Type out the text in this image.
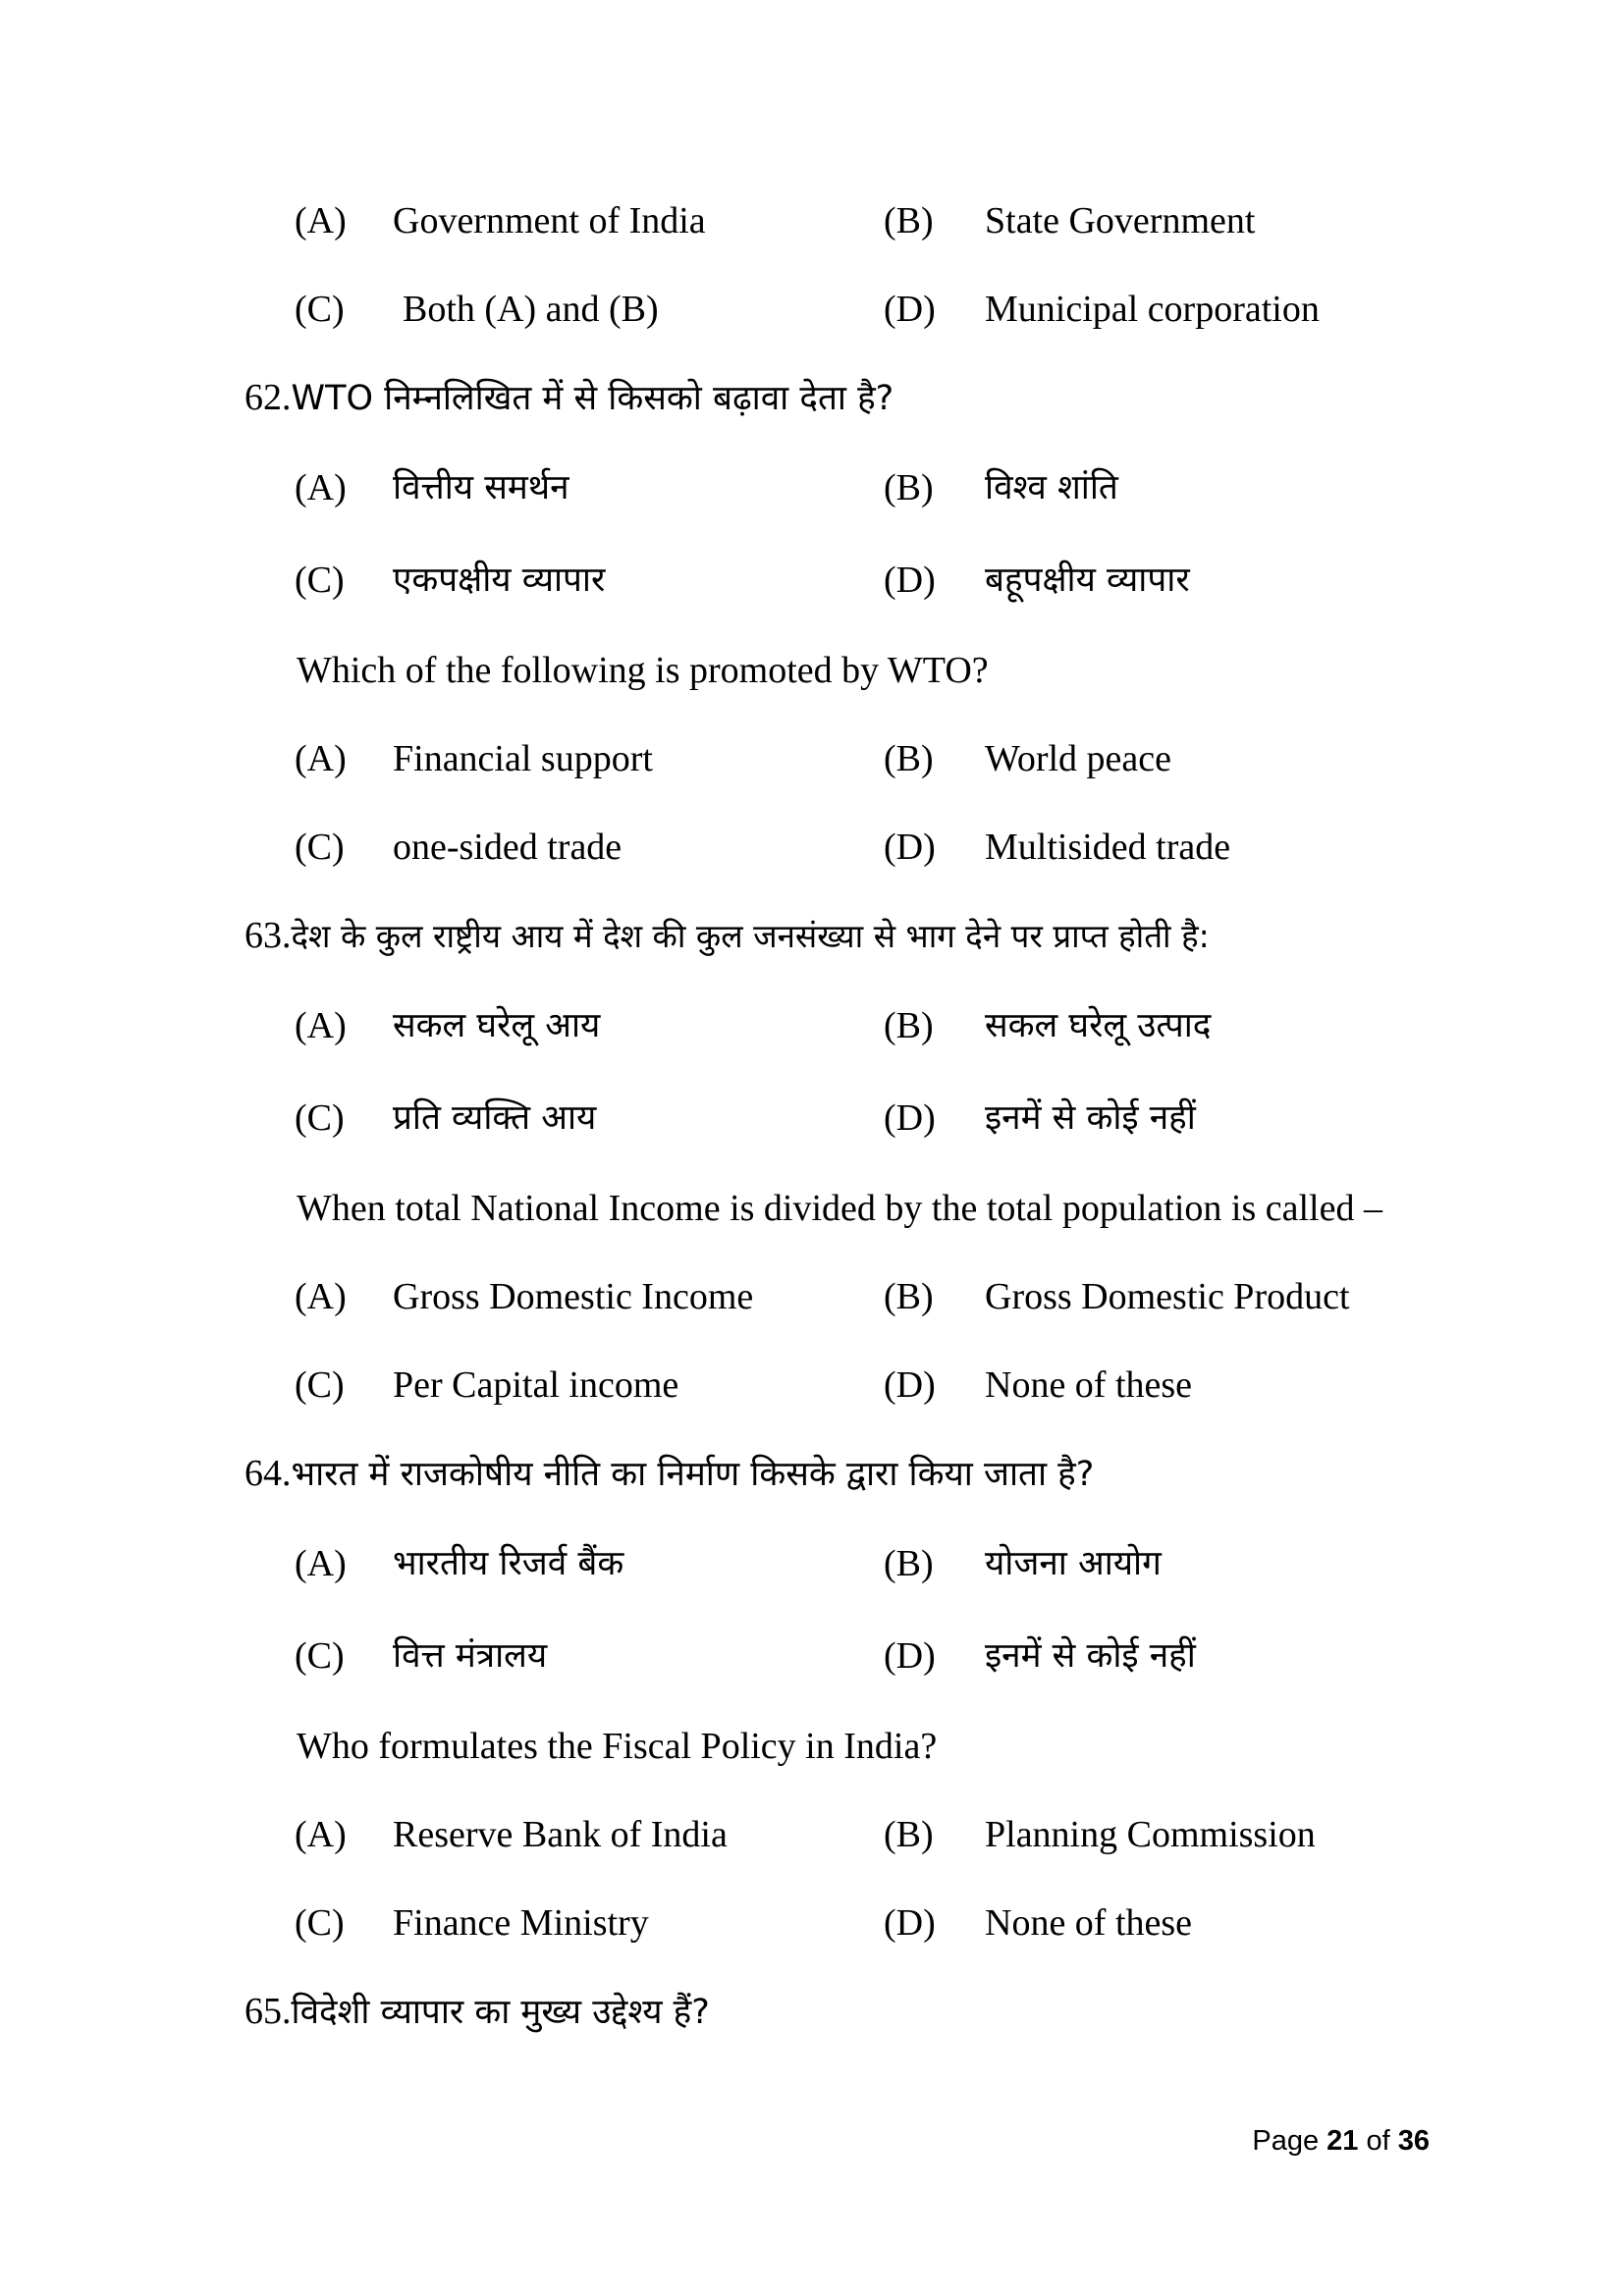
(A) Government of India	(B) State Government
(C) Both (A) and (B)	(D) Municipal corporation
62.WTO निम्नलिखित में से किसको बढ़ावा देता है?
(A) वित्तीय समर्थन	(B) विश्व शांति
(C) एकपक्षीय व्यापार	(D) बहूपक्षीय व्यापार
Which of the following is promoted by WTO?
(A) Financial support	(B) World peace
(C) one-sided trade	(D) Multisided trade
63.देश के कुल राष्ट्रीय आय में देश की कुल जनसंख्या से भाग देने पर प्राप्त होती है:
(A) सकल घरेलू आय	(B) सकल घरेलू उत्पाद
(C) प्रति व्यक्ति आय	(D) इनमें से कोई नहीं
When total National Income is divided by the total population is called –
(A) Gross Domestic Income	(B) Gross Domestic Product
(C) Per Capital income	(D) None of these
64.भारत में राजकोषीय नीति का निर्माण किसके द्वारा किया जाता है?
(A) भारतीय रिजर्व बैंक	(B) योजना आयोग
(C) वित्त मंत्रालय	(D) इनमें से कोई नहीं
Who formulates the Fiscal Policy in India?
(A) Reserve Bank of India	(B) Planning Commission
(C) Finance Ministry	(D) None of these
65.विदेशी व्यापार का मुख्य उद्देश्य हैं?
Page 21 of 36
